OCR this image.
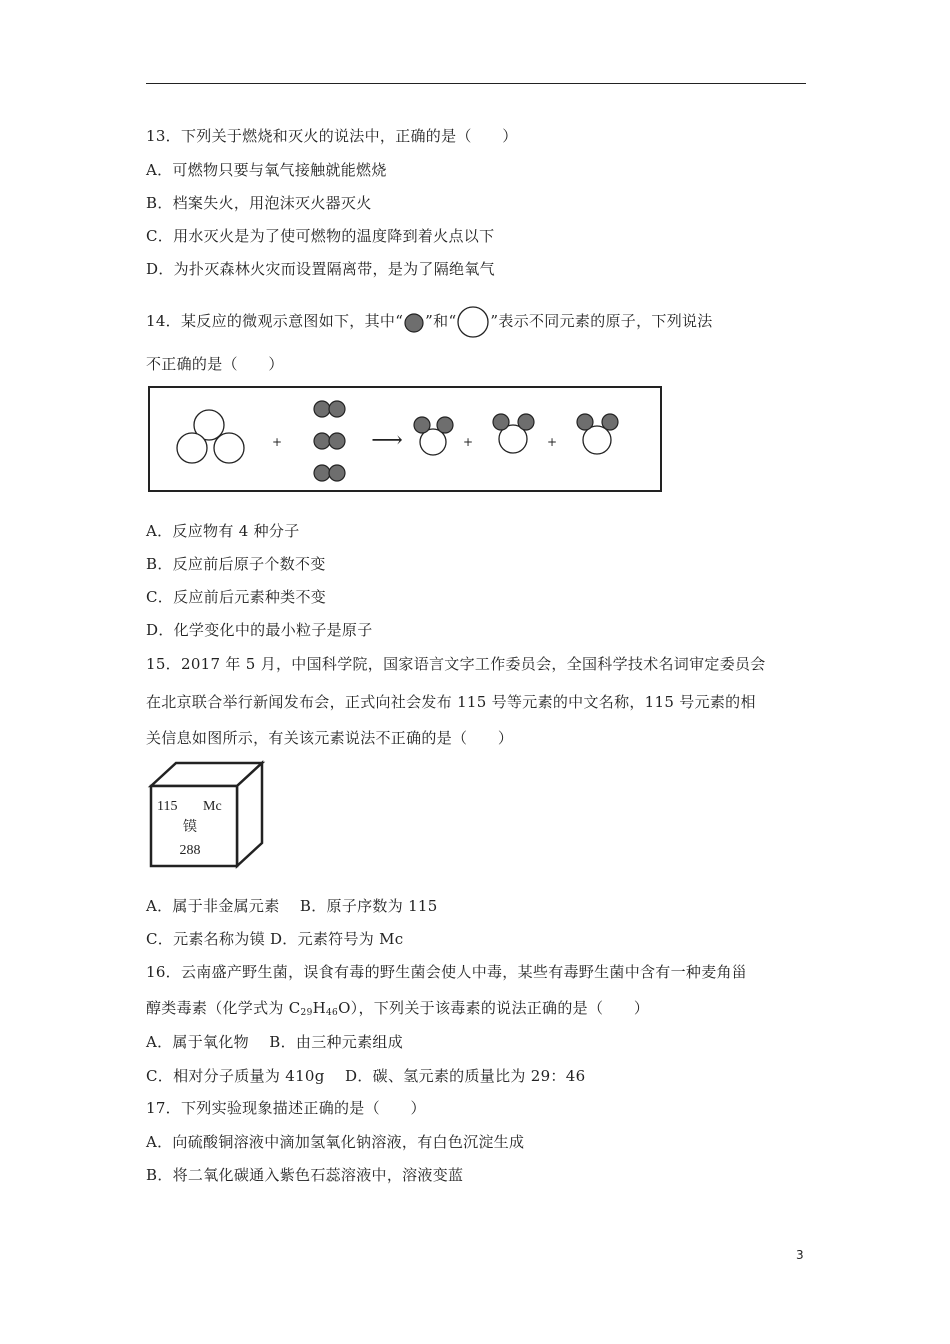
13．下列关于燃烧和灭火的说法中，正确的是（　　）
A．可燃物只要与氧气接触就能燃烧
B．档案失火，用泡沫灭火器灭火
C．用水灭火是为了使可燃物的温度降到着火点以下
D．为扑灭森林火灾而设置隔离带，是为了隔绝氧气
14．某反应的微观示意图如下，其中“ ”和“ ”表示不同元素的原子，下列说法
不正确的是（　　）
+	⟶	+	+
A．反应物有 4 种分子
B．反应前后原子个数不变
C．反应前后元素种类不变
D．化学变化中的最小粒子是原子
15．2017 年 5 月，中国科学院，国家语言文字工作委员会，全国科学技术名词审定委员会
在北京联合举行新闻发布会，正式向社会发布 115 号等元素的中文名称，115 号元素的相
关信息如图所示，有关该元素说法不正确的是（　　）
115 Mc
镆
288
A．属于非金属元素　 B．原子序数为 115
C．元素名称为镆 D．元素符号为 Mc
16．云南盛产野生菌，误食有毒的野生菌会使人中毒，某些有毒野生菌中含有一种麦角甾
醇类毒素（化学式为 $C_{29}H_{46}O$），下列关于该毒素的说法正确的是（　　）
A．属于氧化物　 B．由三种元素组成
C．相对分子质量为 410g　 D．碳、氢元素的质量比为 29：46
17．下列实验现象描述正确的是（　　）
A．向硫酸铜溶液中滴加氢氧化钠溶液，有白色沉淀生成
B．将二氧化碳通入紫色石蕊溶液中，溶液变蓝
3
